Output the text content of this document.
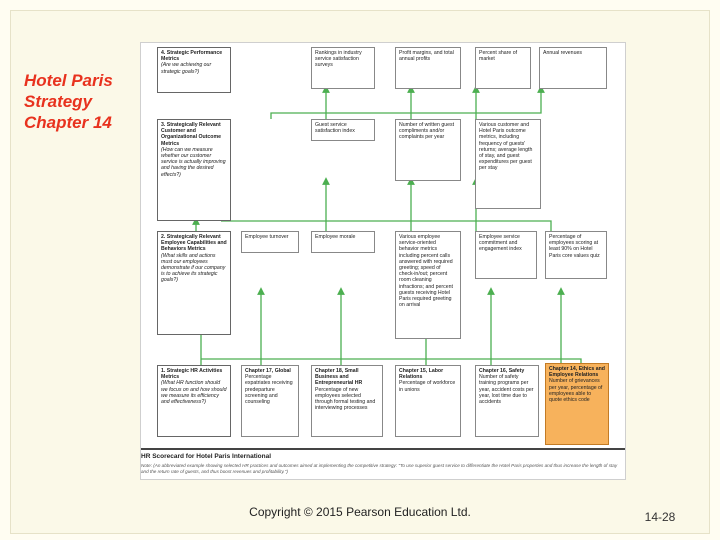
Hotel Paris Strategy Chapter 14
4. Strategic Performance Metrics
(Are we achieving our strategic goals?)
Rankings in industry service satisfaction surveys
Profit margins, and total annual profits
Percent share of market
Annual revenues
3. Strategically Relevant Customer and Organizational Outcome Metrics
(How can we measure whether our customer service is actually improving and having the desired effects?)
Guest service satisfaction index
Number of written guest compliments and/or complaints per year
Various customer and Hotel Paris outcome metrics, including frequency of guests' returns; average length of stay, and guest expenditures per guest per stay
2. Strategically Relevant Employee Capabilities and Behaviors Metrics
(What skills and actions must our employees demonstrate if our company is to achieve its strategic goals?)
Employee turnover	Employee morale	Various employee service-oriented behavior metrics including percent calls answered with required greeting; speed of check-in/out; percent room cleaning infractions; and percent guests receiving Hotel Paris required greeting on arrival
Employee service commitment and engagement index
Percentage of employees scoring at least 90% on Hotel Paris core values quiz
1. Strategic HR Activities Metrics
(What HR function should we focus on and how should we measure its efficiency and effectiveness?)
Chapter 17, Global
Percentage expatriates receiving predeparture screening and counseling
Chapter 18, Small Business and Entrepreneurial HR
Percentage of new employees selected through formal testing and interviewing processes
Chapter 15, Labor Relations
Percentage of workforce in unions
Chapter 16, Safety
Number of safety training programs per year, accident costs per year, lost time due to accidents
Chapter 14, Ethics and Employee Relations
Number of grievances per year, percentage of employees able to quote ethics code
HR Scorecard for Hotel Paris International
Note: (An abbreviated example showing selected HR practices and outcomes aimed at implementing the competitive strategy: "To use superior guest service to differentiate the Hotel Paris properties and thus increase the length of stay and the return rate of guests, and thus boost revenues and profitability.")
Copyright © 2015 Pearson Education Ltd.	14-28
